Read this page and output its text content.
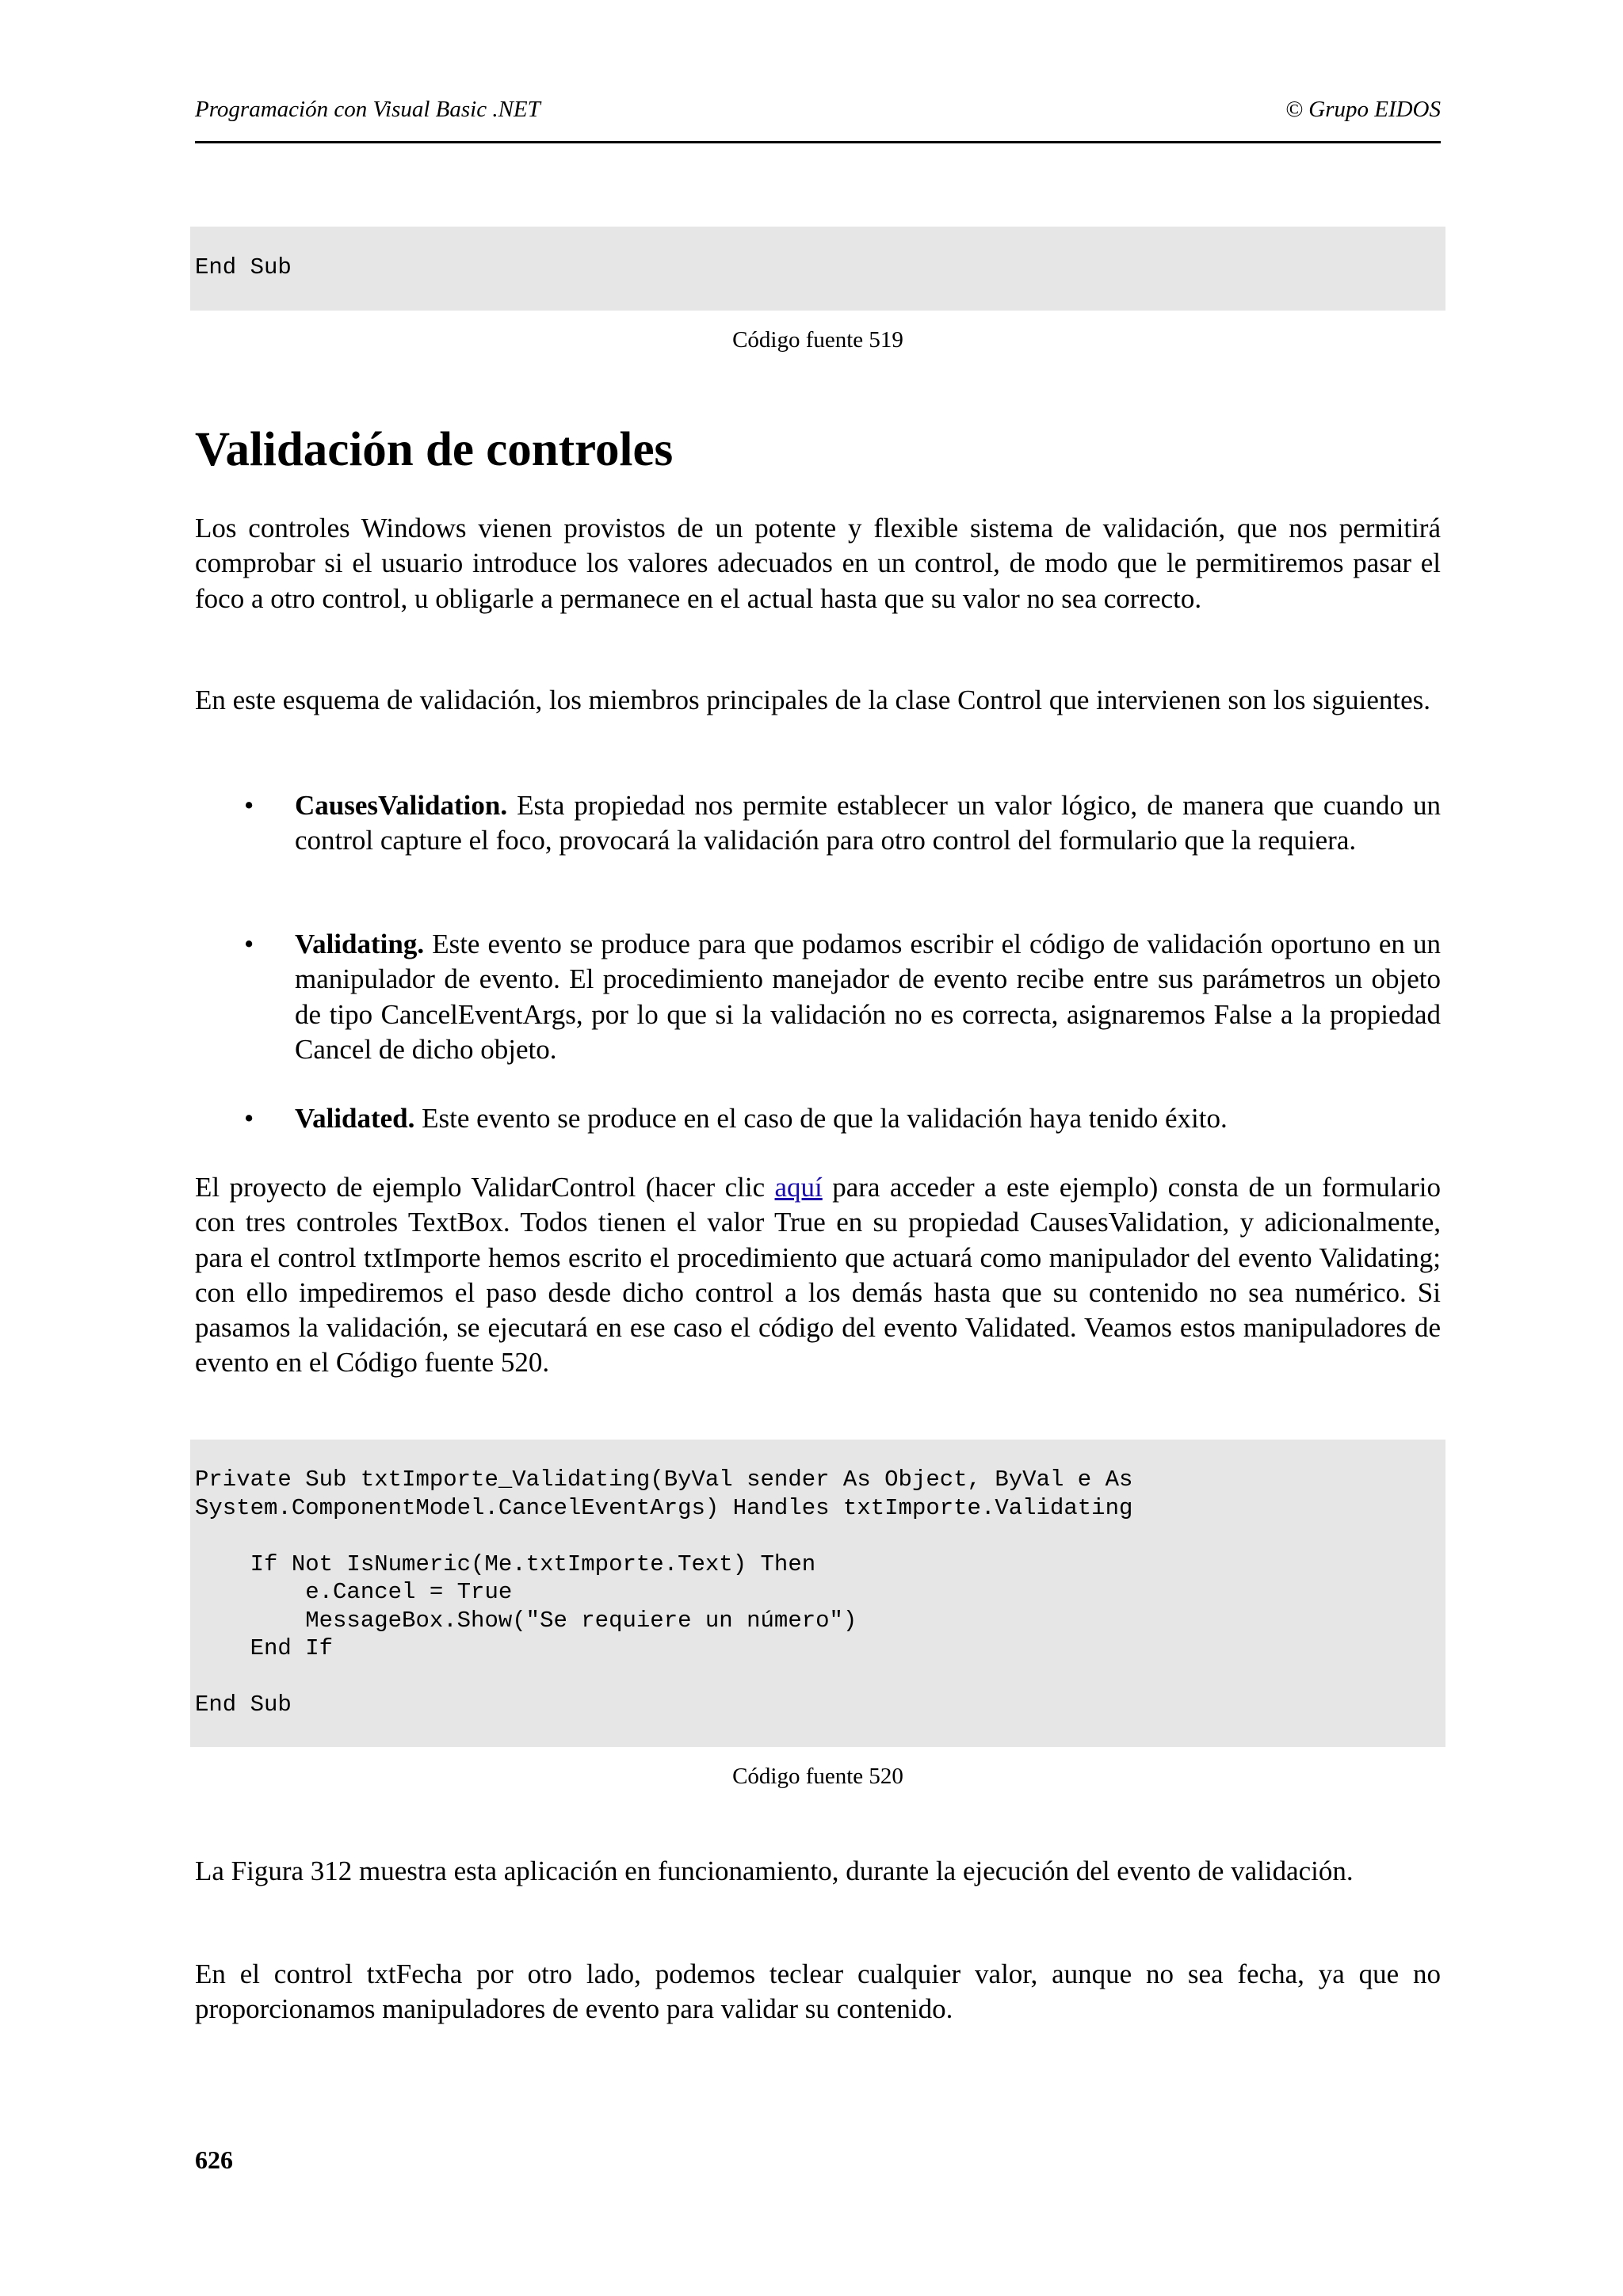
Programación con Visual Basic .NET	© Grupo EIDOS
End Sub
Código fuente 519
Validación de controles

Los controles Windows vienen provistos de un potente y flexible sistema de validación, que nos permitirá comprobar si el usuario introduce los valores adecuados en un control, de modo que le permitiremos pasar el foco a otro control, u obligarle a permanece en el actual hasta que su valor no sea correcto.

En este esquema de validación, los miembros principales de la clase Control que intervienen son los siguientes.

• CausesValidation. Esta propiedad nos permite establecer un valor lógico, de manera que cuando un control capture el foco, provocará la validación para otro control del formulario que la requiera.
• Validating. Este evento se produce para que podamos escribir el código de validación oportuno en un manipulador de evento. El procedimiento manejador de evento recibe entre sus parámetros un objeto de tipo CancelEventArgs, por lo que si la validación no es correcta, asignaremos False a la propiedad Cancel de dicho objeto.
• Validated. Este evento se produce en el caso de que la validación haya tenido éxito.

El proyecto de ejemplo ValidarControl (hacer clic aquí para acceder a este ejemplo) consta de un formulario con tres controles TextBox. Todos tienen el valor True en su propiedad CausesValidation, y adicionalmente, para el control txtImporte hemos escrito el procedimiento que actuará como manipulador del evento Validating; con ello impediremos el paso desde dicho control a los demás hasta que su contenido no sea numérico. Si pasamos la validación, se ejecutará en ese caso el código del evento Validated. Veamos estos manipuladores de evento en el Código fuente 520.

Private Sub txtImporte_Validating(ByVal sender As Object, ByVal e As
System.ComponentModel.CancelEventArgs) Handles txtImporte.Validating

If Not IsNumeric(Me.txtImporte.Text) Then
e.Cancel = True
MessageBox.Show("Se requiere un número")
End If

End Sub
Código fuente 520

La Figura 312 muestra esta aplicación en funcionamiento, durante la ejecución del evento de validación.

En el control txtFecha por otro lado, podemos teclear cualquier valor, aunque no sea fecha, ya que no proporcionamos manipuladores de evento para validar su contenido.

626
